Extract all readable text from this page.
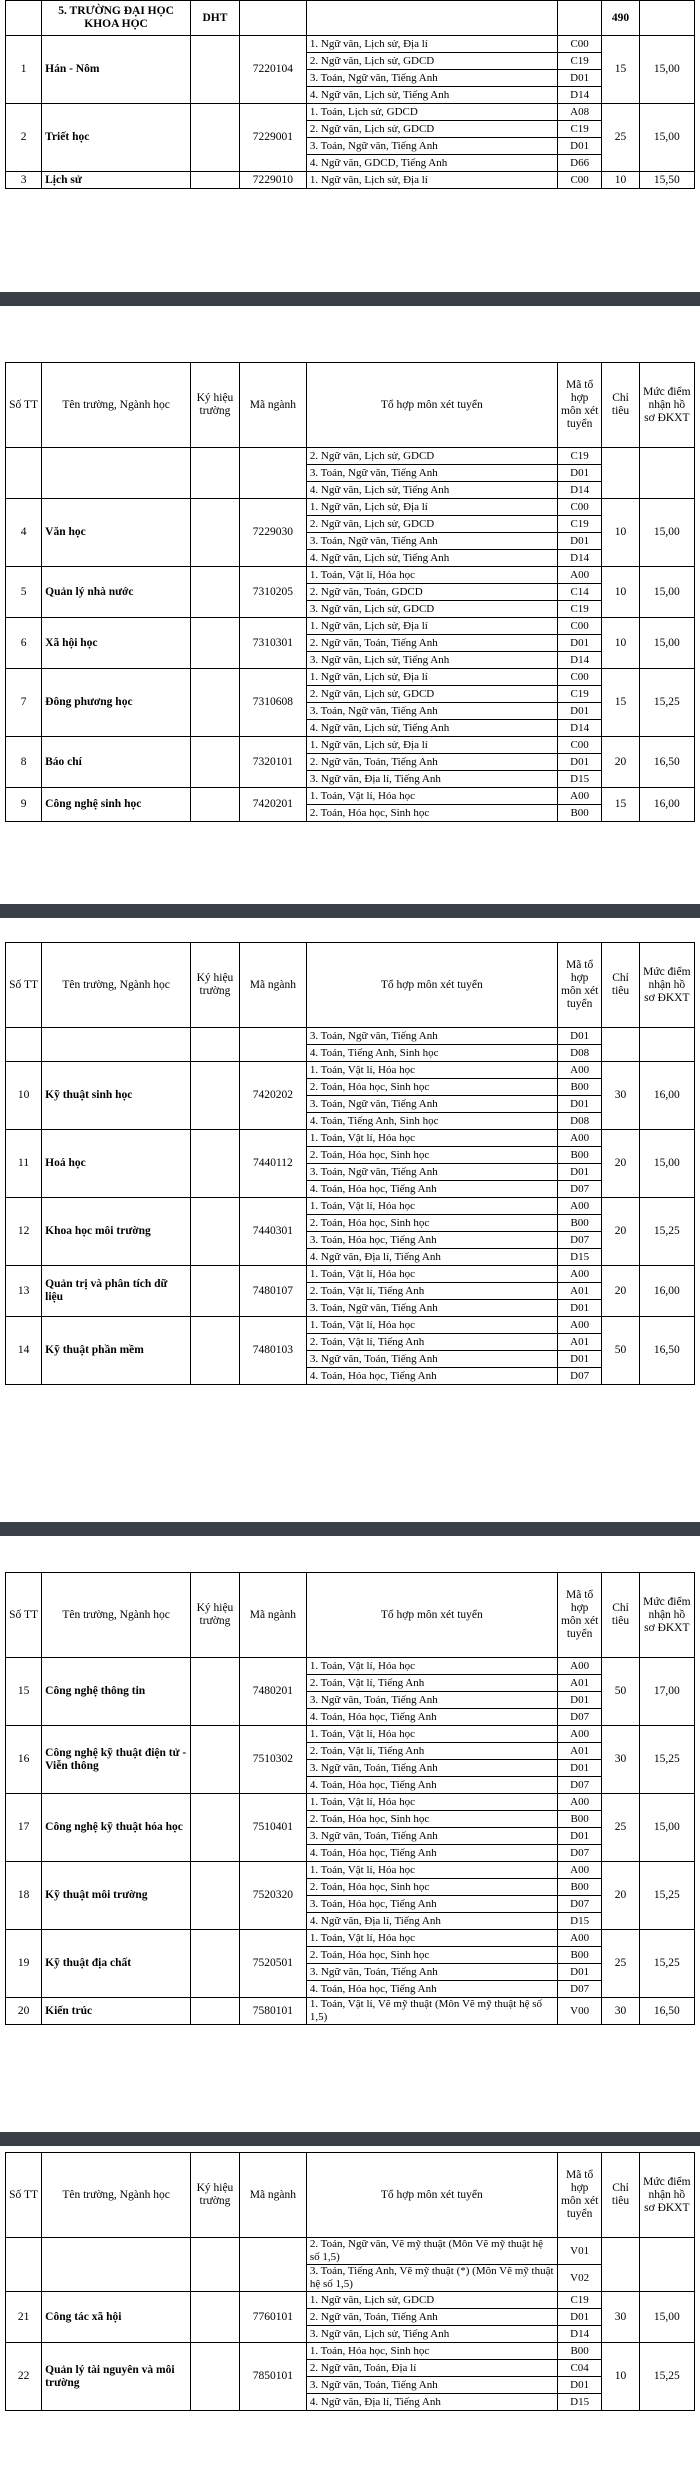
	5. TRƯỜNG ĐẠI HỌC KHOA HỌC	DHT				490	
1	Hán - Nôm		7220104	1. Ngữ văn, Lịch sử, Địa lí	C00	15	15,00
				2. Ngữ văn, Lịch sử, GDCD	C19		
				3. Toán, Ngữ văn, Tiếng Anh	D01		
				4. Ngữ văn, Lịch sử, Tiếng Anh	D14		
2	Triết học		7229001	1. Toán, Lịch sử, GDCD	A08	25	15,00
				2. Ngữ văn, Lịch sử, GDCD	C19		
				3. Toán, Ngữ văn, Tiếng Anh	D01		
				4. Ngữ văn, GDCD, Tiếng Anh	D66		
3	Lịch sử		7229010	1. Ngữ văn, Lịch sử, Địa lí	C00	10	15,50
Số TT	Tên trường, Ngành học	Ký hiệu trường	Mã ngành	Tổ hợp môn xét tuyển	Mã tổ hợp môn xét tuyển	Chỉ tiêu	Mức điểm nhận hồ sơ ĐKXT
				2. Ngữ văn, Lịch sử, GDCD	C19		
				3. Toán, Ngữ văn, Tiếng Anh	D01		
				4. Ngữ văn, Lịch sử, Tiếng Anh	D14		
4	Văn học		7229030	1. Ngữ văn, Lịch sử, Địa lí	C00	10	15,00
				2. Ngữ văn, Lịch sử, GDCD	C19		
				3. Toán, Ngữ văn, Tiếng Anh	D01		
				4. Ngữ văn, Lịch sử, Tiếng Anh	D14		
5	Quản lý nhà nước		7310205	1. Toán, Vật lí, Hóa học	A00	10	15,00
				2. Ngữ văn, Toán, GDCD	C14		
				3. Ngữ văn, Lịch sử, GDCD	C19		
6	Xã hội học		7310301	1. Ngữ văn, Lịch sử, Địa lí	C00	10	15,00
				2. Ngữ văn, Toán, Tiếng Anh	D01		
				3. Ngữ văn, Lịch sử, Tiếng Anh	D14		
7	Đông phương học		7310608	1. Ngữ văn, Lịch sử, Địa lí	C00	15	15,25
				2. Ngữ văn, Lịch sử, GDCD	C19		
				3. Toán, Ngữ văn, Tiếng Anh	D01		
				4. Ngữ văn, Lịch sử, Tiếng Anh	D14		
8	Báo chí		7320101	1. Ngữ văn, Lịch sử, Địa lí	C00	20	16,50
				2. Ngữ văn, Toán, Tiếng Anh	D01		
				3. Ngữ văn, Địa lí, Tiếng Anh	D15		
9	Công nghệ sinh học		7420201	1. Toán, Vật lí, Hóa học	A00	15	16,00
				2. Toán, Hóa học, Sinh học	B00		
Số TT	Tên trường, Ngành học	Ký hiệu trường	Mã ngành	Tổ hợp môn xét tuyển	Mã tổ hợp môn xét tuyển	Chỉ tiêu	Mức điểm nhận hồ sơ ĐKXT
				3. Toán, Ngữ văn, Tiếng Anh	D01		
				4. Toán, Tiếng Anh, Sinh học	D08		
10	Kỹ thuật sinh học		7420202	1. Toán, Vật lí, Hóa học	A00	30	16,00
				2. Toán, Hóa học, Sinh học	B00		
				3. Toán, Ngữ văn, Tiếng Anh	D01		
				4. Toán, Tiếng Anh, Sinh học	D08		
11	Hoá học		7440112	1. Toán, Vật lí, Hóa học	A00	20	15,00
				2. Toán, Hóa học, Sinh học	B00		
				3. Toán, Ngữ văn, Tiếng Anh	D01		
				4. Toán, Hóa học, Tiếng Anh	D07		
12	Khoa học môi trường		7440301	1. Toán, Vật lí, Hóa học	A00	20	15,25
				2. Toán, Hóa học, Sinh học	B00		
				3. Toán, Hóa học, Tiếng Anh	D07		
				4. Ngữ văn, Địa lí, Tiếng Anh	D15		
13	Quản trị và phân tích dữ liệu		7480107	1. Toán, Vật lí, Hóa học	A00	20	16,00
				2. Toán, Vật lí, Tiếng Anh	A01		
				3. Toán, Ngữ văn, Tiếng Anh	D01		
14	Kỹ thuật phần mềm		7480103	1. Toán, Vật lí, Hóa học	A00	50	16,50
				2. Toán, Vật lí, Tiếng Anh	A01		
				3. Ngữ văn, Toán, Tiếng Anh	D01		
				4. Toán, Hóa học, Tiếng Anh	D07		
Số TT	Tên trường, Ngành học	Ký hiệu trường	Mã ngành	Tổ hợp môn xét tuyển	Mã tổ hợp môn xét tuyển	Chỉ tiêu	Mức điểm nhận hồ sơ ĐKXT
15	Công nghệ thông tin		7480201	1. Toán, Vật lí, Hóa học	A00	50	17,00
				2. Toán, Vật lí, Tiếng Anh	A01		
				3. Ngữ văn, Toán, Tiếng Anh	D01		
				4. Toán, Hóa học, Tiếng Anh	D07		
16	Công nghệ kỹ thuật điện tử - Viễn thông		7510302	1. Toán, Vật lí, Hóa học	A00	30	15,25
				2. Toán, Vật lí, Tiếng Anh	A01		
				3. Ngữ văn, Toán, Tiếng Anh	D01		
				4. Toán, Hóa học, Tiếng Anh	D07		
17	Công nghệ kỹ thuật hóa học		7510401	1. Toán, Vật lí, Hóa học	A00	25	15,00
				2. Toán, Hóa học, Sinh học	B00		
				3. Ngữ văn, Toán, Tiếng Anh	D01		
				4. Toán, Hóa học, Tiếng Anh	D07		
18	Kỹ thuật môi trường		7520320	1. Toán, Vật lí, Hóa học	A00	20	15,25
				2. Toán, Hóa học, Sinh học	B00		
				3. Toán, Hóa học, Tiếng Anh	D07		
				4. Ngữ văn, Địa lí, Tiếng Anh	D15		
19	Kỹ thuật địa chất		7520501	1. Toán, Vật lí, Hóa học	A00	25	15,25
				2. Toán, Hóa học, Sinh học	B00		
				3. Ngữ văn, Toán, Tiếng Anh	D01		
				4. Toán, Hóa học, Tiếng Anh	D07		
20	Kiến trúc		7580101	1. Toán, Vật lí, Vẽ mỹ thuật (Môn Vẽ mỹ thuật hệ số 1,5)	V00	30	16,50
Số TT	Tên trường, Ngành học	Ký hiệu trường	Mã ngành	Tổ hợp môn xét tuyển	Mã tổ hợp môn xét tuyển	Chỉ tiêu	Mức điểm nhận hồ sơ ĐKXT
				2. Toán, Ngữ văn, Vẽ mỹ thuật (Môn Vẽ mỹ thuật hệ số 1,5)	V01		
				3. Toán, Tiếng Anh, Vẽ mỹ thuật (*) (Môn Vẽ mỹ thuật hệ số 1,5)	V02		
21	Công tác xã hội		7760101	1. Ngữ văn, Lịch sử, GDCD	C19	30	15,00
				2. Ngữ văn, Toán, Tiếng Anh	D01		
				3. Ngữ văn, Lịch sử, Tiếng Anh	D14		
22	Quản lý tài nguyên và môi trường		7850101	1. Toán, Hóa học, Sinh học	B00	10	15,25
				2. Ngữ văn, Toán, Địa lí	C04		
				3. Ngữ văn, Toán, Tiếng Anh	D01		
				4. Ngữ văn, Địa lí, Tiếng Anh	D15		
